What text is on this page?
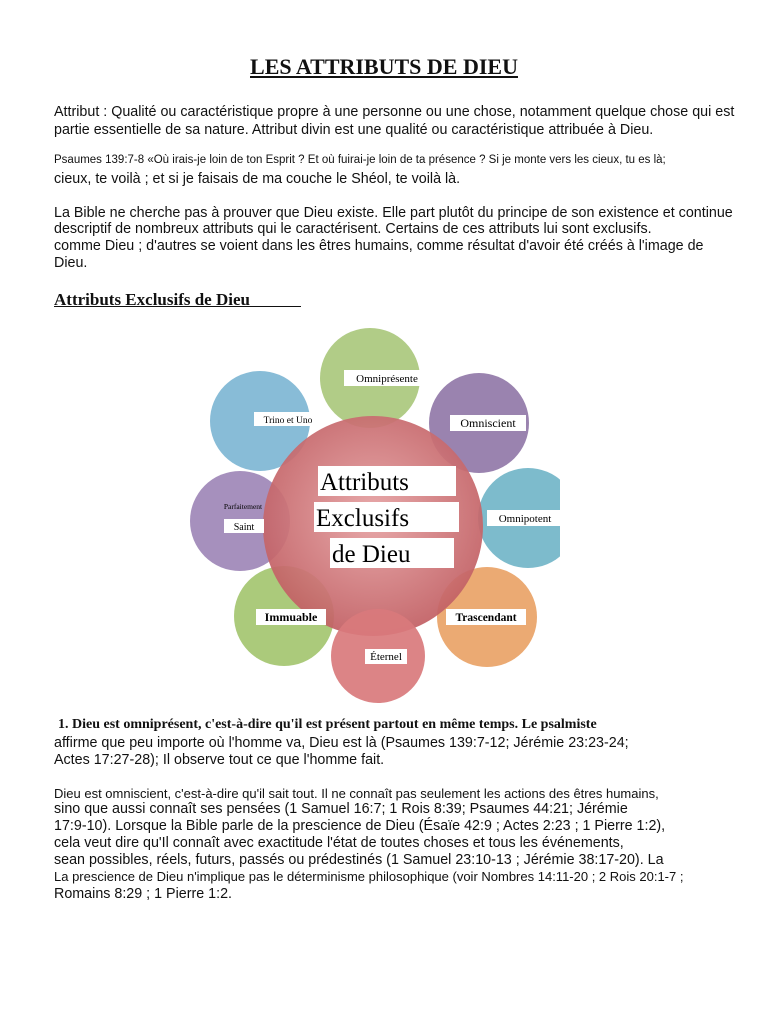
LES ATTRIBUTS DE DIEU
Attribut : Qualité ou caractéristique propre à une personne ou une chose, notamment quelque chose qui est
partie essentielle de sa nature. Attribut divin est une qualité ou caractéristique attribuée à Dieu.
Psaumes 139:7-8 «Où irais-je loin de ton Esprit ? Et où fuirai-je loin de ta présence ? Si je monte vers les cieux, tu es là;
cieux, te voilà ; et si je faisais de ma couche le Shéol, te voilà là.
La Bible ne cherche pas à prouver que Dieu existe. Elle part plutôt du principe de son existence et continue
descriptif de nombreux attributs qui le caractérisent. Certains de ces attributs lui sont exclusifs.
comme Dieu ; d'autres se voient dans les êtres humains, comme résultat d'avoir été créés à l'image de
Dieu.
Attributs Exclusifs de Dieu
Omniprésente
Omniscient
Omnipotent
Trascendant
Éternel
Immuable
Parfaitement
Saint
Trino et Uno
Attributs
Exclusifs
de Dieu
1. Dieu est omniprésent, c'est-à-dire qu'il est présent partout en même temps. Le psalmiste
affirme que peu importe où l'homme va, Dieu est là (Psaumes 139:7-12; Jérémie 23:23-24;
Actes 17:27-28); Il observe tout ce que l'homme fait.
Dieu est omniscient, c'est-à-dire qu'il sait tout. Il ne connaît pas seulement les actions des êtres humains,
sino que aussi connaît ses pensées (1 Samuel 16:7; 1 Rois 8:39; Psaumes 44:21; Jérémie
17:9-10). Lorsque la Bible parle de la prescience de Dieu (Ésaïe 42:9 ; Actes 2:23 ; 1 Pierre 1:2),
cela veut dire qu'Il connaît avec exactitude l'état de toutes choses et tous les événements,
sean possibles, réels, futurs, passés ou prédestinés (1 Samuel 23:10-13 ; Jérémie 38:17-20). La
La prescience de Dieu n'implique pas le déterminisme philosophique (voir Nombres 14:11-20 ; 2 Rois 20:1-7 ;
Romains 8:29 ; 1 Pierre 1:2.
